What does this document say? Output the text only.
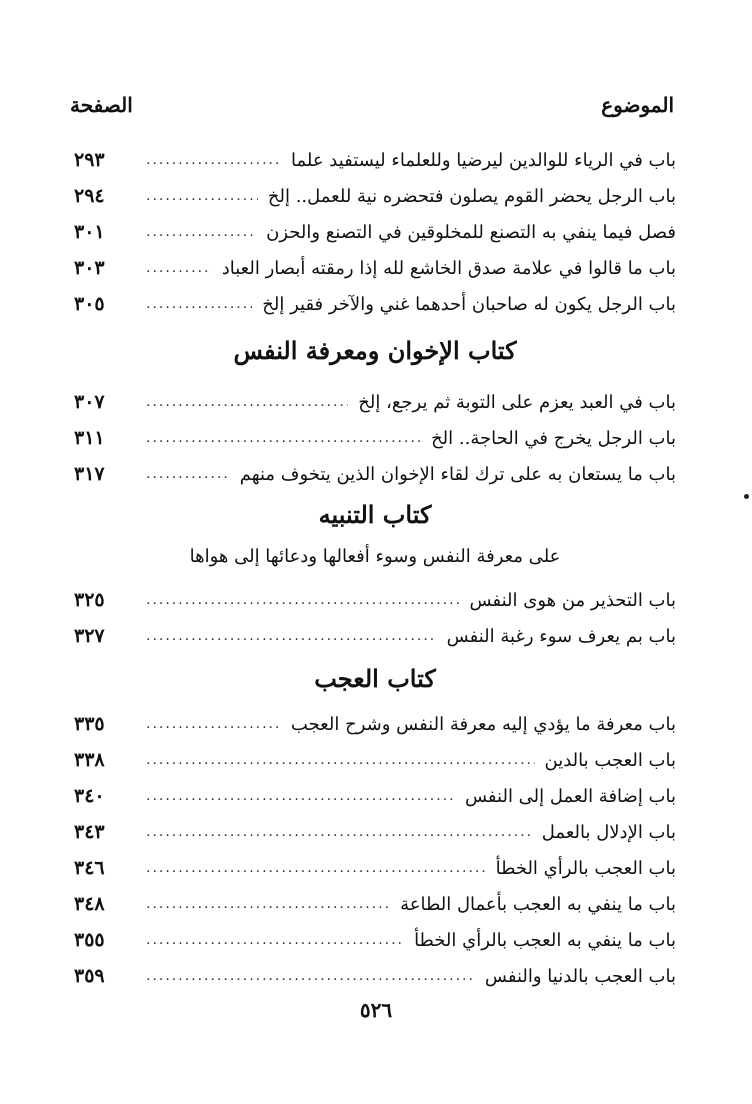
الموضوع
الصفحة
باب في الرياء للوالدين ليرضيا وللعلماء ليستفيد علما
.....
٢٩٣
باب الرجل يحضر القوم يصلون فتحضره نية للعمل.. إلخ
.....
٢٩٤
فصل فيما ينفي به التصنع للمخلوقين في التصنع والحزن
.....
٣٠١
باب ما قالوا في علامة صدق الخاشع لله إذا رمقته أبصار العباد
.....
٣٠٣
باب الرجل يكون له صاحبان أحدهما غني والآخر فقير إلخ
.....
٣٠٥
كتاب الإخوان ومعرفة النفس
باب في العبد يعزم على التوبة ثم يرجع، إلخ
.....
٣٠٧
باب الرجل يخرج في الحاجة.. الخ
.....
٣١١
باب ما يستعان به على ترك لقاء الإخوان الذين يتخوف منهم
.....
٣١٧
كتاب التنبيه
على معرفة النفس وسوء أفعالها ودعائها إلى هواها
باب التحذير من هوى النفس
.....
٣٢٥
باب بم يعرف سوء رغبة النفس
.....
٣٢٧
كتاب العجب
باب معرفة ما يؤدي إليه معرفة النفس وشرح العجب
.....
٣٣٥
باب العجب بالدين
.....
٣٣٨
باب إضافة العمل إلى النفس
.....
٣٤٠
باب الإدلال بالعمل
.....
٣٤٣
باب العجب بالرأي الخطأ
.....
٣٤٦
باب ما ينفي به العجب بأعمال الطاعة
.....
٣٤٨
باب ما ينفي به العجب بالرأي الخطأ
.....
٣٥٥
باب العجب بالدنيا والنفس
.....
٣٥٩
٥٢٦
